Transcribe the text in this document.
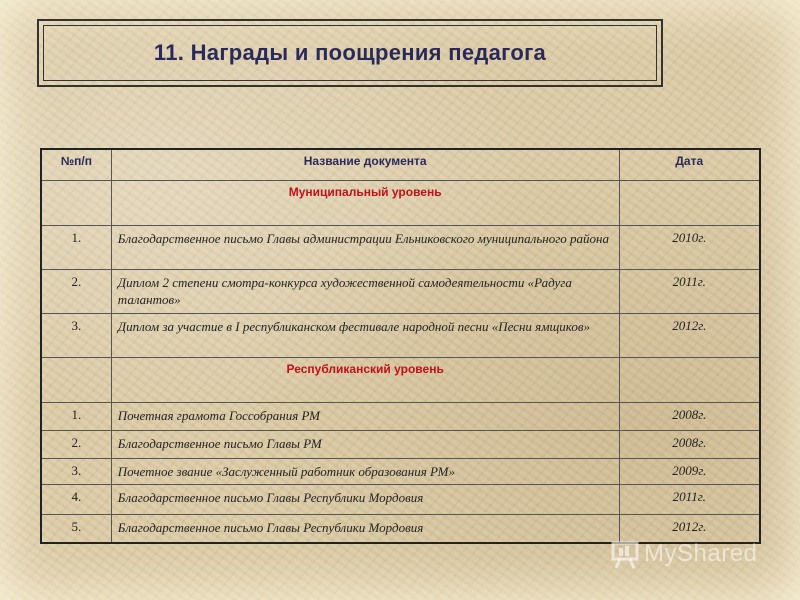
11. Награды и поощрения педагога
№п/п	Название документа	Дата
	Муниципальный уровень	
1.	Благодарственное письмо Главы администрации Ельниковского муниципального района	2010г.
2.	Диплом 2 степени смотра-конкурса художественной самодеятельности «Радуга талантов»	2011г.
3.	Диплом за участие в I республиканском фестивале народной песни «Песни ямщиков»	2012г.
	Республиканский уровень	
1.	Почетная грамота Госсобрания РМ	2008г.
2.	Благодарственное письмо Главы РМ	2008г.
3.	Почетное звание «Заслуженный работник образования РМ»	2009г.
4.	Благодарственное письмо Главы Республики Мордовия	2011г.
5.	Благодарственное письмо Главы Республики Мордовия	2012г.
MyShared
